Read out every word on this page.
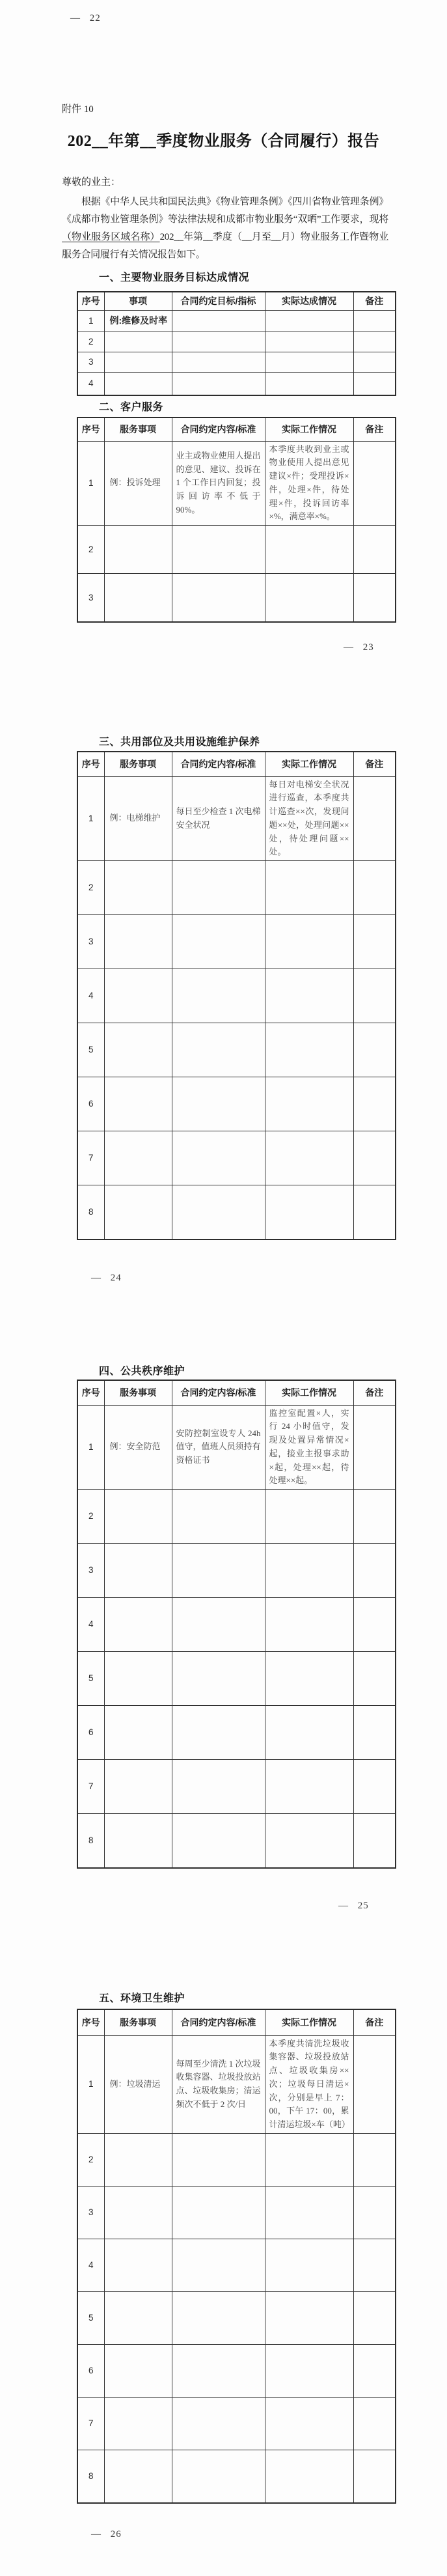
— 22
附件 10
202__年第__季度物业服务（合同履行）报告
尊敬的业主：

根据《中华人民共和国民法典》《物业管理条例》《四川省物业管理条例》《成都市物业管理条例》等法律法规和成都市物业服务“双晒”工作要求，现将（物业服务区域名称）202__年第__季度（__月至__月）物业服务工作暨物业服务合同履行有关情况报告如下。

一、主要物业服务目标达成情况
序号	事项	合同约定目标/指标	实际达成情况	备注
1	例:维修及时率			
2				
3				
4				
二、客户服务
序号	服务事项	合同约定内容/标准	实际工作情况	备注
1	例：投诉处理	业主或物业使用人提出的意见、建议、投诉在 1 个工作日内回复；投诉回访率不低于 90%。	本季度共收到业主或物业使用人提出意见建议×件；受理投诉×件，处理×件，待处理×件，投诉回访率×%，满意率×%。	
2				
3				
— 23
三、共用部位及共用设施维护保养
序号	服务事项	合同约定内容/标准	实际工作情况	备注
1	例：电梯维护	每日至少检查 1 次电梯安全状况	每日对电梯安全状况进行巡查，本季度共计巡查××次，发现问题××处，处理问题××处，待处理问题××处。	
2				
3				
4				
5				
6				
7				
8				
— 24
四、公共秩序维护
序号	服务事项	合同约定内容/标准	实际工作情况	备注
1	例：安全防范	安防控制室设专人 24h 值守，值班人员须持有资格证书	监控室配置×人，实行 24 小时值守，发现及处置异常情况×起，接业主报事求助×起，处理××起，待处理××起。	
2				
3				
4				
5				
6				
7				
8				
— 25
五、环境卫生维护
序号	服务事项	合同约定内容/标准	实际工作情况	备注
1	例：垃圾清运	每周至少清洗 1 次垃圾收集容器、垃圾投放站点、垃圾收集房；清运频次不低于 2 次/日	本季度共清洗垃圾收集容器、垃圾投放站点、垃圾收集房××次；垃圾每日清运×次，分别是早上 7：00，下午 17：00，累计清运垃圾×车（吨）	
2				
3				
4				
5				
6				
7				
8				
— 26
